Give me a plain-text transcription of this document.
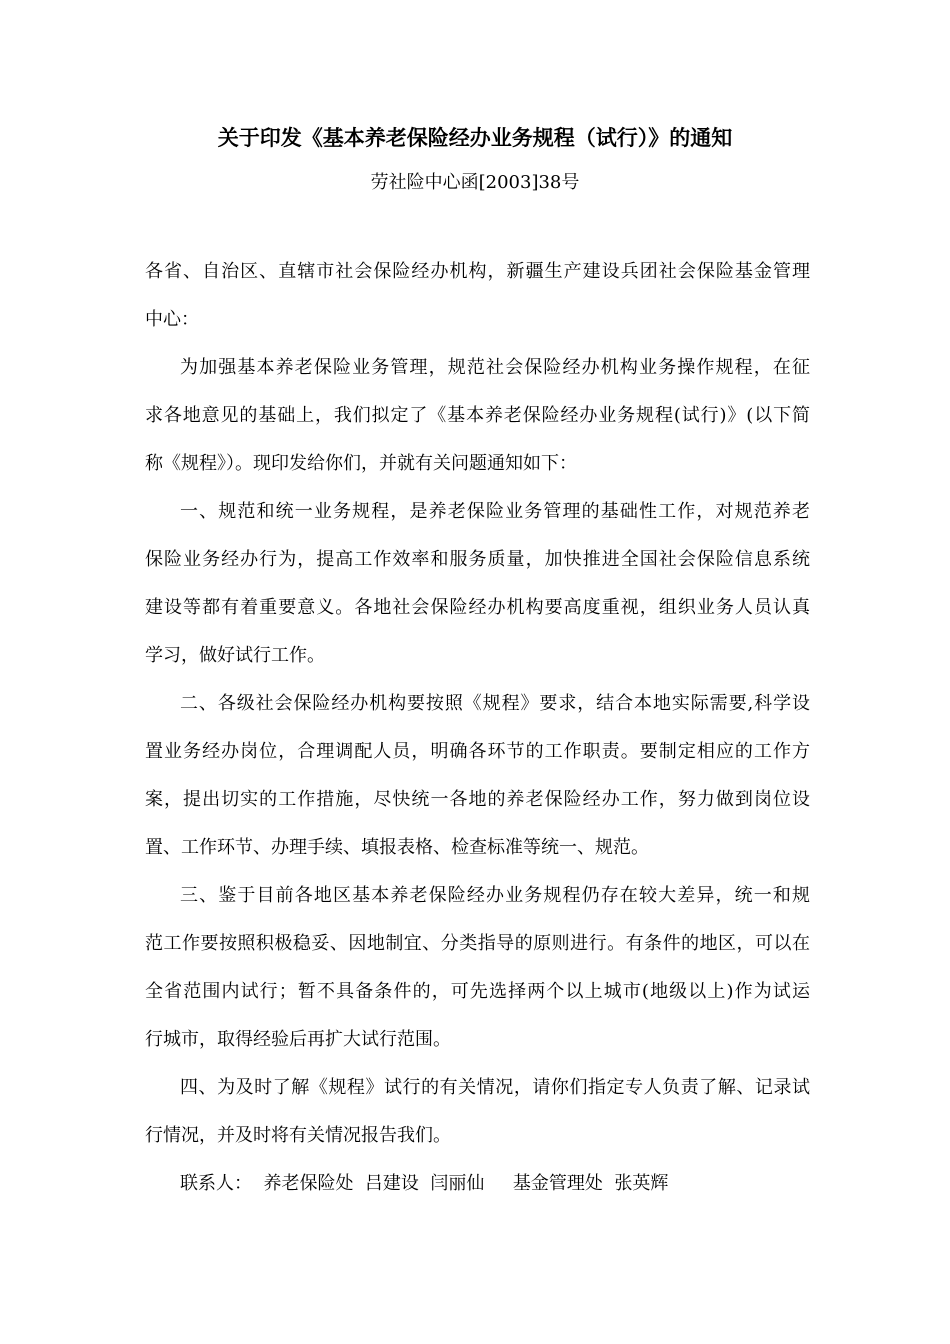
关于印发《基本养老保险经办业务规程（试行）》的通知
劳社险中心函[2003]38号
各省、自治区、直辖市社会保险经办机构，新疆生产建设兵团社会保险基金管理
中心：
为加强基本养老保险业务管理，规范社会保险经办机构业务操作规程，在征
求各地意见的基础上，我们拟定了《基本养老保险经办业务规程(试行)》(以下简
称《规程》）。现印发给你们，并就有关问题通知如下：
一、规范和统一业务规程，是养老保险业务管理的基础性工作，对规范养老
保险业务经办行为，提高工作效率和服务质量，加快推进全国社会保险信息系统
建设等都有着重要意义。各地社会保险经办机构要高度重视，组织业务人员认真
学习，做好试行工作。
二、各级社会保险经办机构要按照《规程》要求，结合本地实际需要,科学设
置业务经办岗位，合理调配人员，明确各环节的工作职责。要制定相应的工作方
案，提出切实的工作措施，尽快统一各地的养老保险经办工作，努力做到岗位设
置、工作环节、办理手续、填报表格、检查标准等统一、规范。
三、鉴于目前各地区基本养老保险经办业务规程仍存在较大差异，统一和规
范工作要按照积极稳妥、因地制宜、分类指导的原则进行。有条件的地区，可以在
全省范围内试行；暂不具备条件的，可先选择两个以上城市(地级以上)作为试运
行城市，取得经验后再扩大试行范围。
四、为及时了解《规程》试行的有关情况，请你们指定专人负责了解、记录试
行情况，并及时将有关情况报告我们。
联系人：  养老保险处  吕建设  闫丽仙     基金管理处  张英辉
